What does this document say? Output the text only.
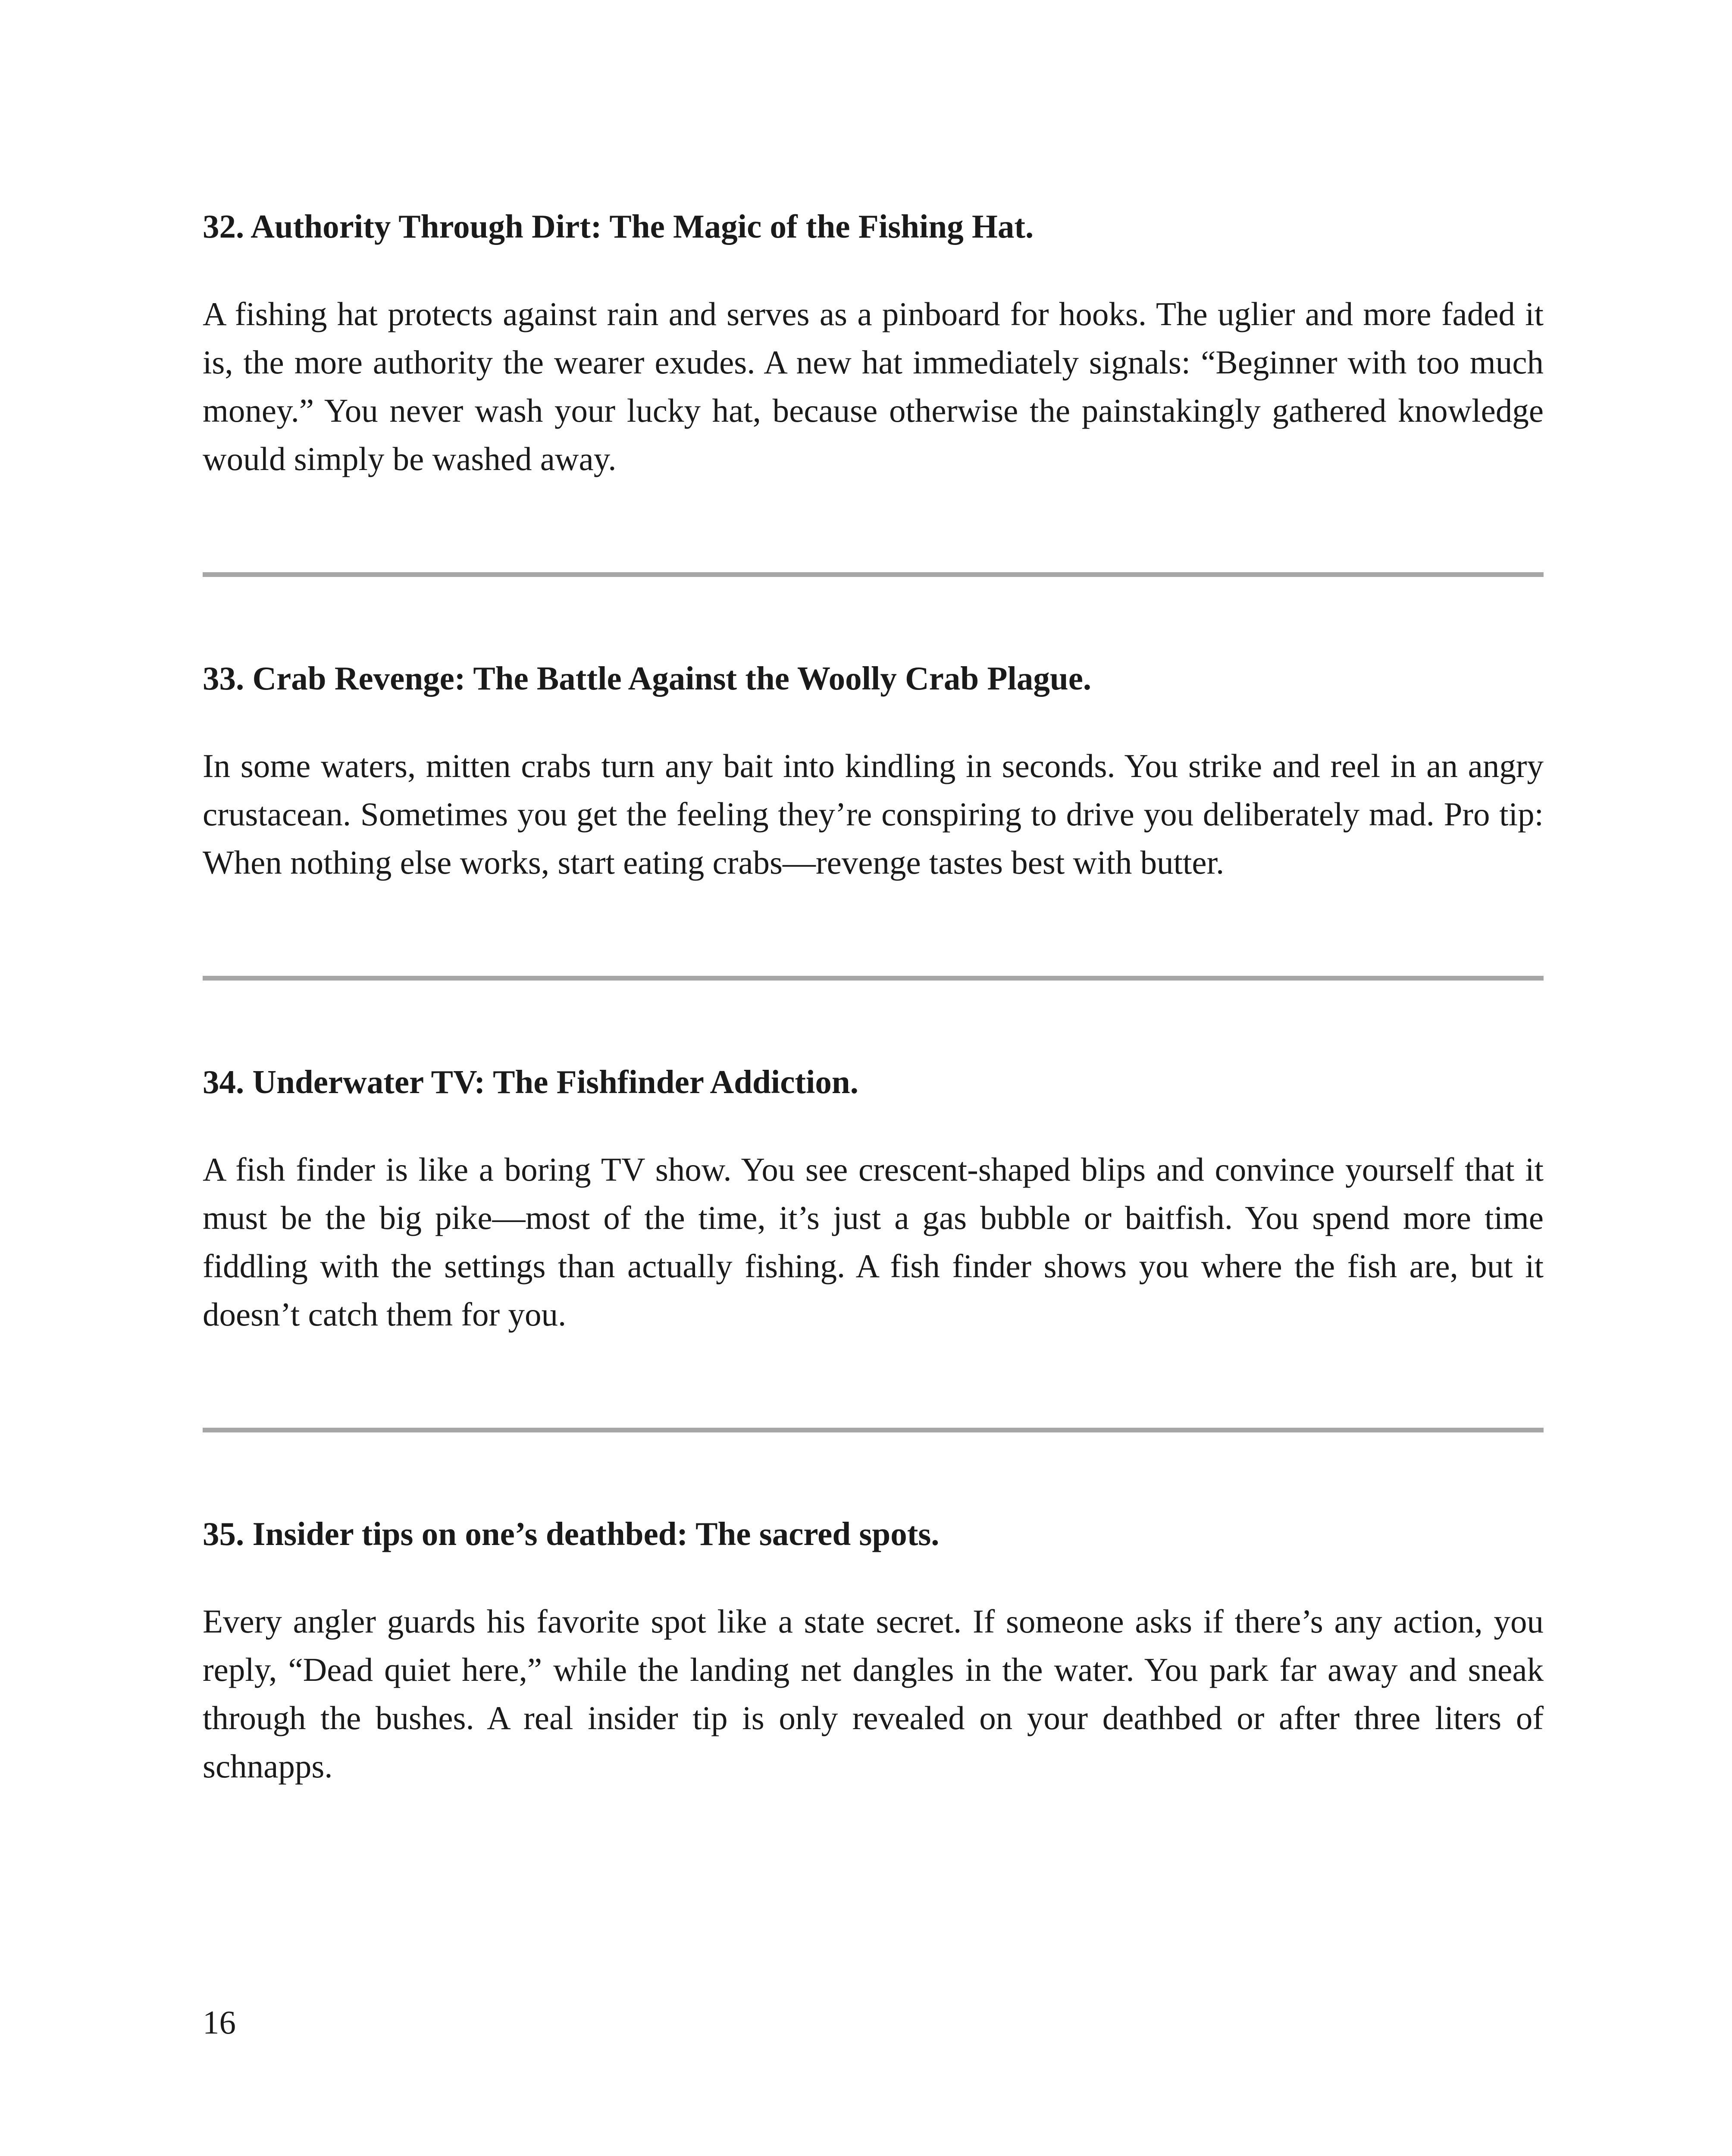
32. Authority Through Dirt: The Magic of the Fishing Hat.

A fishing hat protects against rain and serves as a pinboard for hooks. The uglier and more faded it is, the more authority the wearer exudes. A new hat immediately signals: “Beginner with too much money.” You never wash your lucky hat, because otherwise the painstakingly gathered knowledge would simply be washed away.

33. Crab Revenge: The Battle Against the Woolly Crab Plague.

In some waters, mitten crabs turn any bait into kindling in seconds. You strike and reel in an angry crustacean. Sometimes you get the feeling they’re conspiring to drive you deliberately mad. Pro tip: When nothing else works, start eating crabs—revenge tastes best with butter.

34. Underwater TV: The Fishfinder Addiction.

A fish finder is like a boring TV show. You see crescent-shaped blips and convince yourself that it must be the big pike—most of the time, it’s just a gas bubble or baitfish. You spend more time fiddling with the settings than actually fishing. A fish finder shows you where the fish are, but it doesn’t catch them for you.

35. Insider tips on one’s deathbed: The sacred spots.

Every angler guards his favorite spot like a state secret. If someone asks if there’s any action, you reply, “Dead quiet here,” while the landing net dangles in the water. You park far away and sneak through the bushes. A real insider tip is only revealed on your deathbed or after three liters of schnapps.

16
